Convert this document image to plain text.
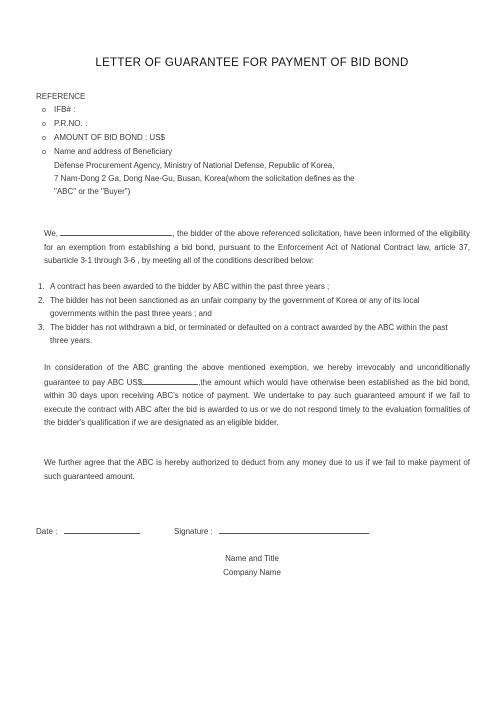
LETTER OF GUARANTEE FOR PAYMENT OF BID BOND
REFERENCE
o IFB# :
o P.R.NO. :
o AMOUNT OF BID BOND : US$
o Name and address of Beneficiary
Defense Procurement Agency, Ministry of National Defense, Republic of Korea,
7 Nam-Dong 2 Ga, Dong Nae-Gu, Busan, Korea(whom the solicitation defines as the
"ABC" or the "Buyer")
We,	, the bidder of the above referenced solicitation, have been informed of the eligibility for an exemption from establishing a bid bond, pursuant to the Enforcement Act of National Contract law, article 37, subarticle 3-1 through 3-6 , by meeting all of the conditions described below:
1. A contract has been awarded to the bidder by ABC within the past three years ;
2. The bidder has not been sanctioned as an unfair company by the government of Korea or any of its local governments within the past three years ; and
3. The bidder has not withdrawn a bid, or terminated or defaulted on a contract awarded by the ABC within the past three years.
In consideration of the ABC granting the above mentioned exemption, we hereby irrevocably and unconditionally guarantee to pay ABC US$	,the amount which would have otherwise been established as the bid bond, within 30 days upon receiving ABC's notice of payment. We undertake to pay such guaranteed amount if we fail to execute the contract with ABC after the bid is awarded to us or we do not respond timely to the evaluation formalities of the bidder's qualification if we are designated as an eligible bidder.
We further agree that the ABC is hereby authorized to deduct from any money due to us if we fail to make payment of such guaranteed amount.
Date :	Signature :
Name and Title
Company Name
